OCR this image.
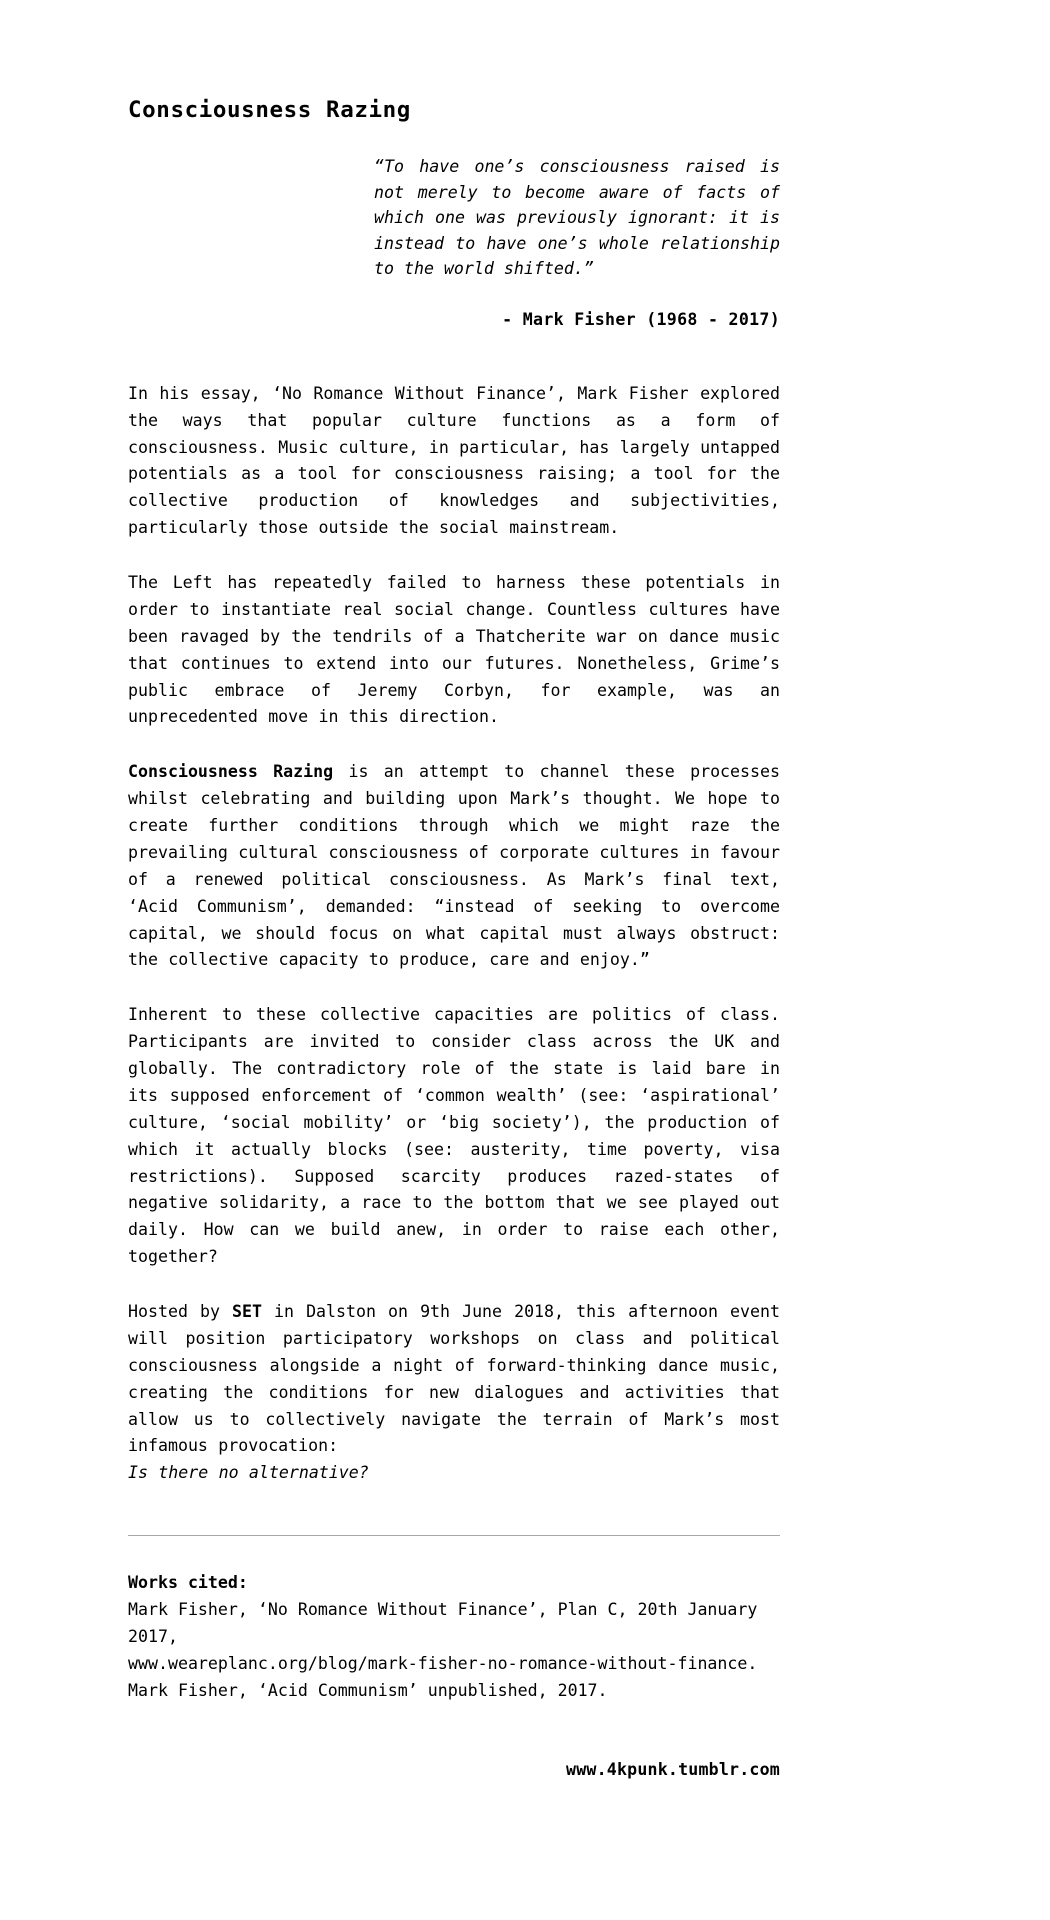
Consciousness Razing

“To have one’s consciousness raised is not merely to become aware of facts of which one was previously ignorant: it is instead to have one’s whole relationship to the world shifted.”

- Mark Fisher (1968 - 2017)

In his essay, ‘No Romance Without Finance’, Mark Fisher explored the ways that popular culture functions as a form of consciousness. Music culture, in particular, has largely untapped potentials as a tool for consciousness raising; a tool for the collective production of knowledges and subjectivities, particularly those outside the social mainstream.

The Left has repeatedly failed to harness these potentials in order to instantiate real social change. Countless cultures have been ravaged by the tendrils of a Thatcherite war on dance music that continues to extend into our futures. Nonetheless, Grime’s public embrace of Jeremy Corbyn, for example, was an unprecedented move in this direction.

Consciousness Razing is an attempt to channel these processes whilst celebrating and building upon Mark’s thought. We hope to create further conditions through which we might raze the prevailing cultural consciousness of corporate cultures in favour of a renewed political consciousness. As Mark’s final text, ‘Acid Communism’, demanded: “instead of seeking to overcome capital, we should focus on what capital must always obstruct: the collective capacity to produce, care and enjoy.”

Inherent to these collective capacities are politics of class. Participants are invited to consider class across the UK and globally. The contradictory role of the state is laid bare in its supposed enforcement of ‘common wealth’ (see: ‘aspirational’ culture, ‘social mobility’ or ‘big society’), the production of which it actually blocks (see: austerity, time poverty, visa restrictions). Supposed scarcity produces razed-states of negative solidarity, a race to the bottom that we see played out daily. How can we build anew, in order to raise each other, together?

Hosted by SET in Dalston on 9th June 2018, this afternoon event will position participatory workshops on class and political consciousness alongside a night of forward-thinking dance music, creating the conditions for new dialogues and activities that allow us to collectively navigate the terrain of Mark’s most infamous provocation:
Is there no alternative?

Works cited:

Mark Fisher, ‘No Romance Without Finance’, Plan C, 20th January 2017,

www.weareplanc.org/blog/mark-fisher-no-romance-without-finance.

Mark Fisher, ‘Acid Communism’ unpublished, 2017.

www.4kpunk.tumblr.com
